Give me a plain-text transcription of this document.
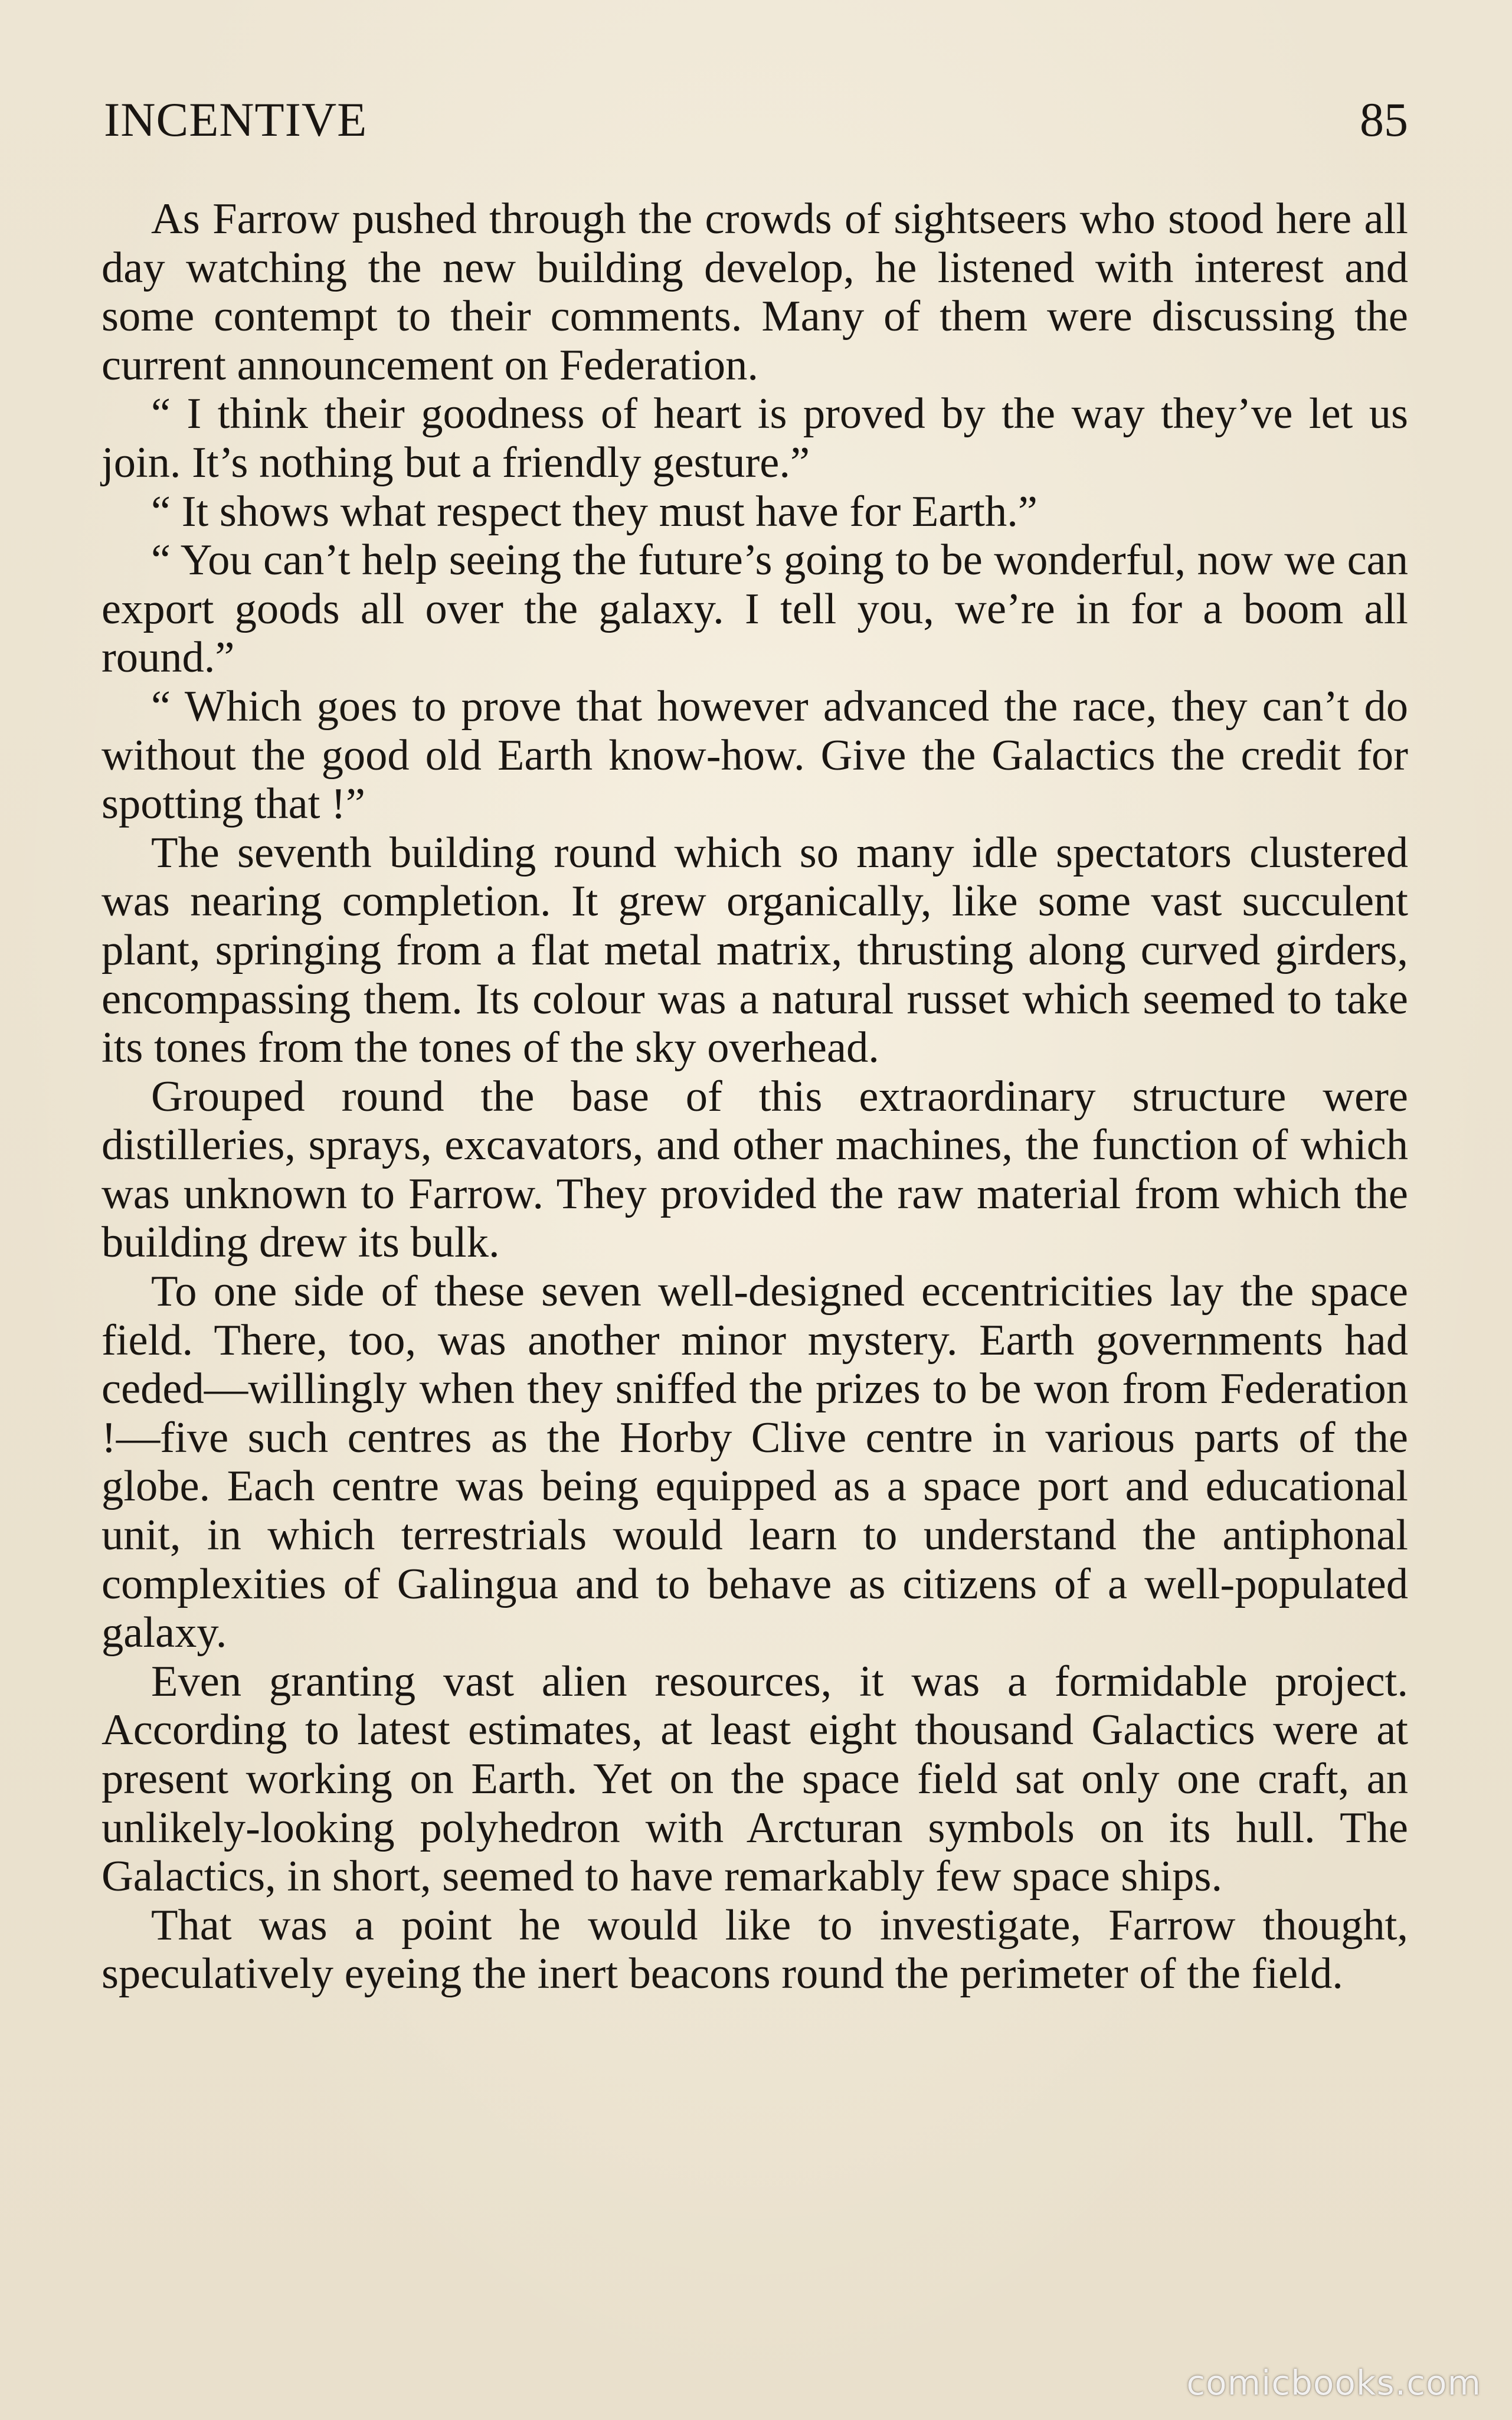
INCENTIVE	85

As Farrow pushed through the crowds of sightseers who stood here all day watching the new building develop, he listened with interest and some contempt to their comments. Many of them were discussing the current announcement on Federation.

“ I think their goodness of heart is proved by the way they’ve let us join. It’s nothing but a friendly gesture.”

“ It shows what respect they must have for Earth.”

“ You can’t help seeing the future’s going to be wonderful, now we can export goods all over the galaxy. I tell you, we’re in for a boom all round.”

“ Which goes to prove that however advanced the race, they can’t do without the good old Earth know-how. Give the Galactics the credit for spotting that !”

The seventh building round which so many idle spectators clustered was nearing completion. It grew organically, like some vast succulent plant, springing from a flat metal matrix, thrusting along curved girders, encompassing them. Its colour was a natural russet which seemed to take its tones from the tones of the sky overhead.

Grouped round the base of this extraordinary structure were distilleries, sprays, excavators, and other machines, the function of which was unknown to Farrow. They provided the raw material from which the building drew its bulk.

To one side of these seven well-designed eccentricities lay the space field. There, too, was another minor mystery. Earth governments had ceded—willingly when they sniffed the prizes to be won from Federation !—five such centres as the Horby Clive centre in various parts of the globe. Each centre was being equipped as a space port and educational unit, in which terrestrials would learn to understand the antiphonal complexities of Galingua and to behave as citizens of a well-populated galaxy.

Even granting vast alien resources, it was a formidable project. According to latest estimates, at least eight thousand Galactics were at present working on Earth. Yet on the space field sat only one craft, an unlikely-looking polyhedron with Arcturan symbols on its hull. The Galactics, in short, seemed to have remarkably few space ships.

That was a point he would like to investigate, Farrow thought, speculatively eyeing the inert beacons round the perimeter of the field.

comicbooks.com
